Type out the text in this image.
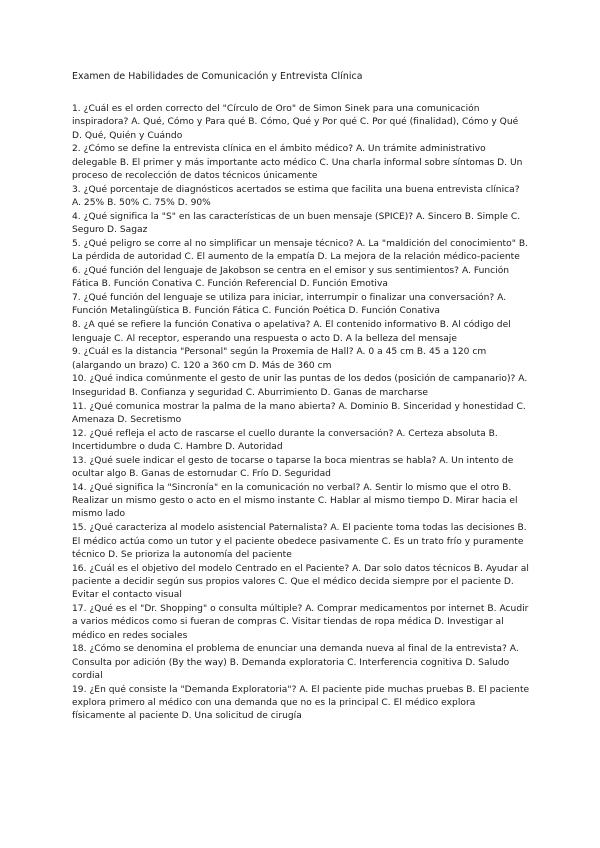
Examen de Habilidades de Comunicación y Entrevista Clínica

1. ¿Cuál es el orden correcto del "Círculo de Oro" de Simon Sinek para una comunicación inspiradora? A. Qué, Cómo y Para qué B. Cómo, Qué y Por qué C. Por qué (finalidad), Cómo y Qué D. Qué, Quién y Cuándo

2. ¿Cómo se define la entrevista clínica en el ámbito médico? A. Un trámite administrativo delegable B. El primer y más importante acto médico C. Una charla informal sobre síntomas D. Un proceso de recolección de datos técnicos únicamente

3. ¿Qué porcentaje de diagnósticos acertados se estima que facilita una buena entrevista clínica? A. 25% B. 50% C. 75% D. 90%

4. ¿Qué significa la "S" en las características de un buen mensaje (SPICE)? A. Sincero B. Simple C. Seguro D. Sagaz

5. ¿Qué peligro se corre al no simplificar un mensaje técnico? A. La "maldición del conocimiento" B. La pérdida de autoridad C. El aumento de la empatía D. La mejora de la relación médico-paciente

6. ¿Qué función del lenguaje de Jakobson se centra en el emisor y sus sentimientos? A. Función Fática B. Función Conativa C. Función Referencial D. Función Emotiva

7. ¿Qué función del lenguaje se utiliza para iniciar, interrumpir o finalizar una conversación? A. Función Metalingüística B. Función Fática C. Función Poética D. Función Conativa

8. ¿A qué se refiere la función Conativa o apelativa? A. El contenido informativo B. Al código del lenguaje C. Al receptor, esperando una respuesta o acto D. A la belleza del mensaje

9. ¿Cuál es la distancia "Personal" según la Proxemia de Hall? A. 0 a 45 cm B. 45 a 120 cm (alargando un brazo) C. 120 a 360 cm D. Más de 360 cm

10. ¿Qué indica comúnmente el gesto de unir las puntas de los dedos (posición de campanario)? A. Inseguridad B. Confianza y seguridad C. Aburrimiento D. Ganas de marcharse

11. ¿Qué comunica mostrar la palma de la mano abierta? A. Dominio B. Sinceridad y honestidad C. Amenaza D. Secretismo

12. ¿Qué refleja el acto de rascarse el cuello durante la conversación? A. Certeza absoluta B. Incertidumbre o duda C. Hambre D. Autoridad

13. ¿Qué suele indicar el gesto de tocarse o taparse la boca mientras se habla? A. Un intento de ocultar algo B. Ganas de estornudar C. Frío D. Seguridad

14. ¿Qué significa la "Sincronía" en la comunicación no verbal? A. Sentir lo mismo que el otro B. Realizar un mismo gesto o acto en el mismo instante C. Hablar al mismo tiempo D. Mirar hacia el mismo lado

15. ¿Qué caracteriza al modelo asistencial Paternalista? A. El paciente toma todas las decisiones B. El médico actúa como un tutor y el paciente obedece pasivamente C. Es un trato frío y puramente técnico D. Se prioriza la autonomía del paciente

16. ¿Cuál es el objetivo del modelo Centrado en el Paciente? A. Dar solo datos técnicos B. Ayudar al paciente a decidir según sus propios valores C. Que el médico decida siempre por el paciente D. Evitar el contacto visual

17. ¿Qué es el "Dr. Shopping" o consulta múltiple? A. Comprar medicamentos por internet B. Acudir a varios médicos como si fueran de compras C. Visitar tiendas de ropa médica D. Investigar al médico en redes sociales

18. ¿Cómo se denomina el problema de enunciar una demanda nueva al final de la entrevista? A. Consulta por adición (By the way) B. Demanda exploratoria C. Interferencia cognitiva D. Saludo cordial

19. ¿En qué consiste la "Demanda Exploratoria"? A. El paciente pide muchas pruebas B. El paciente explora primero al médico con una demanda que no es la principal C. El médico explora físicamente al paciente D. Una solicitud de cirugía
